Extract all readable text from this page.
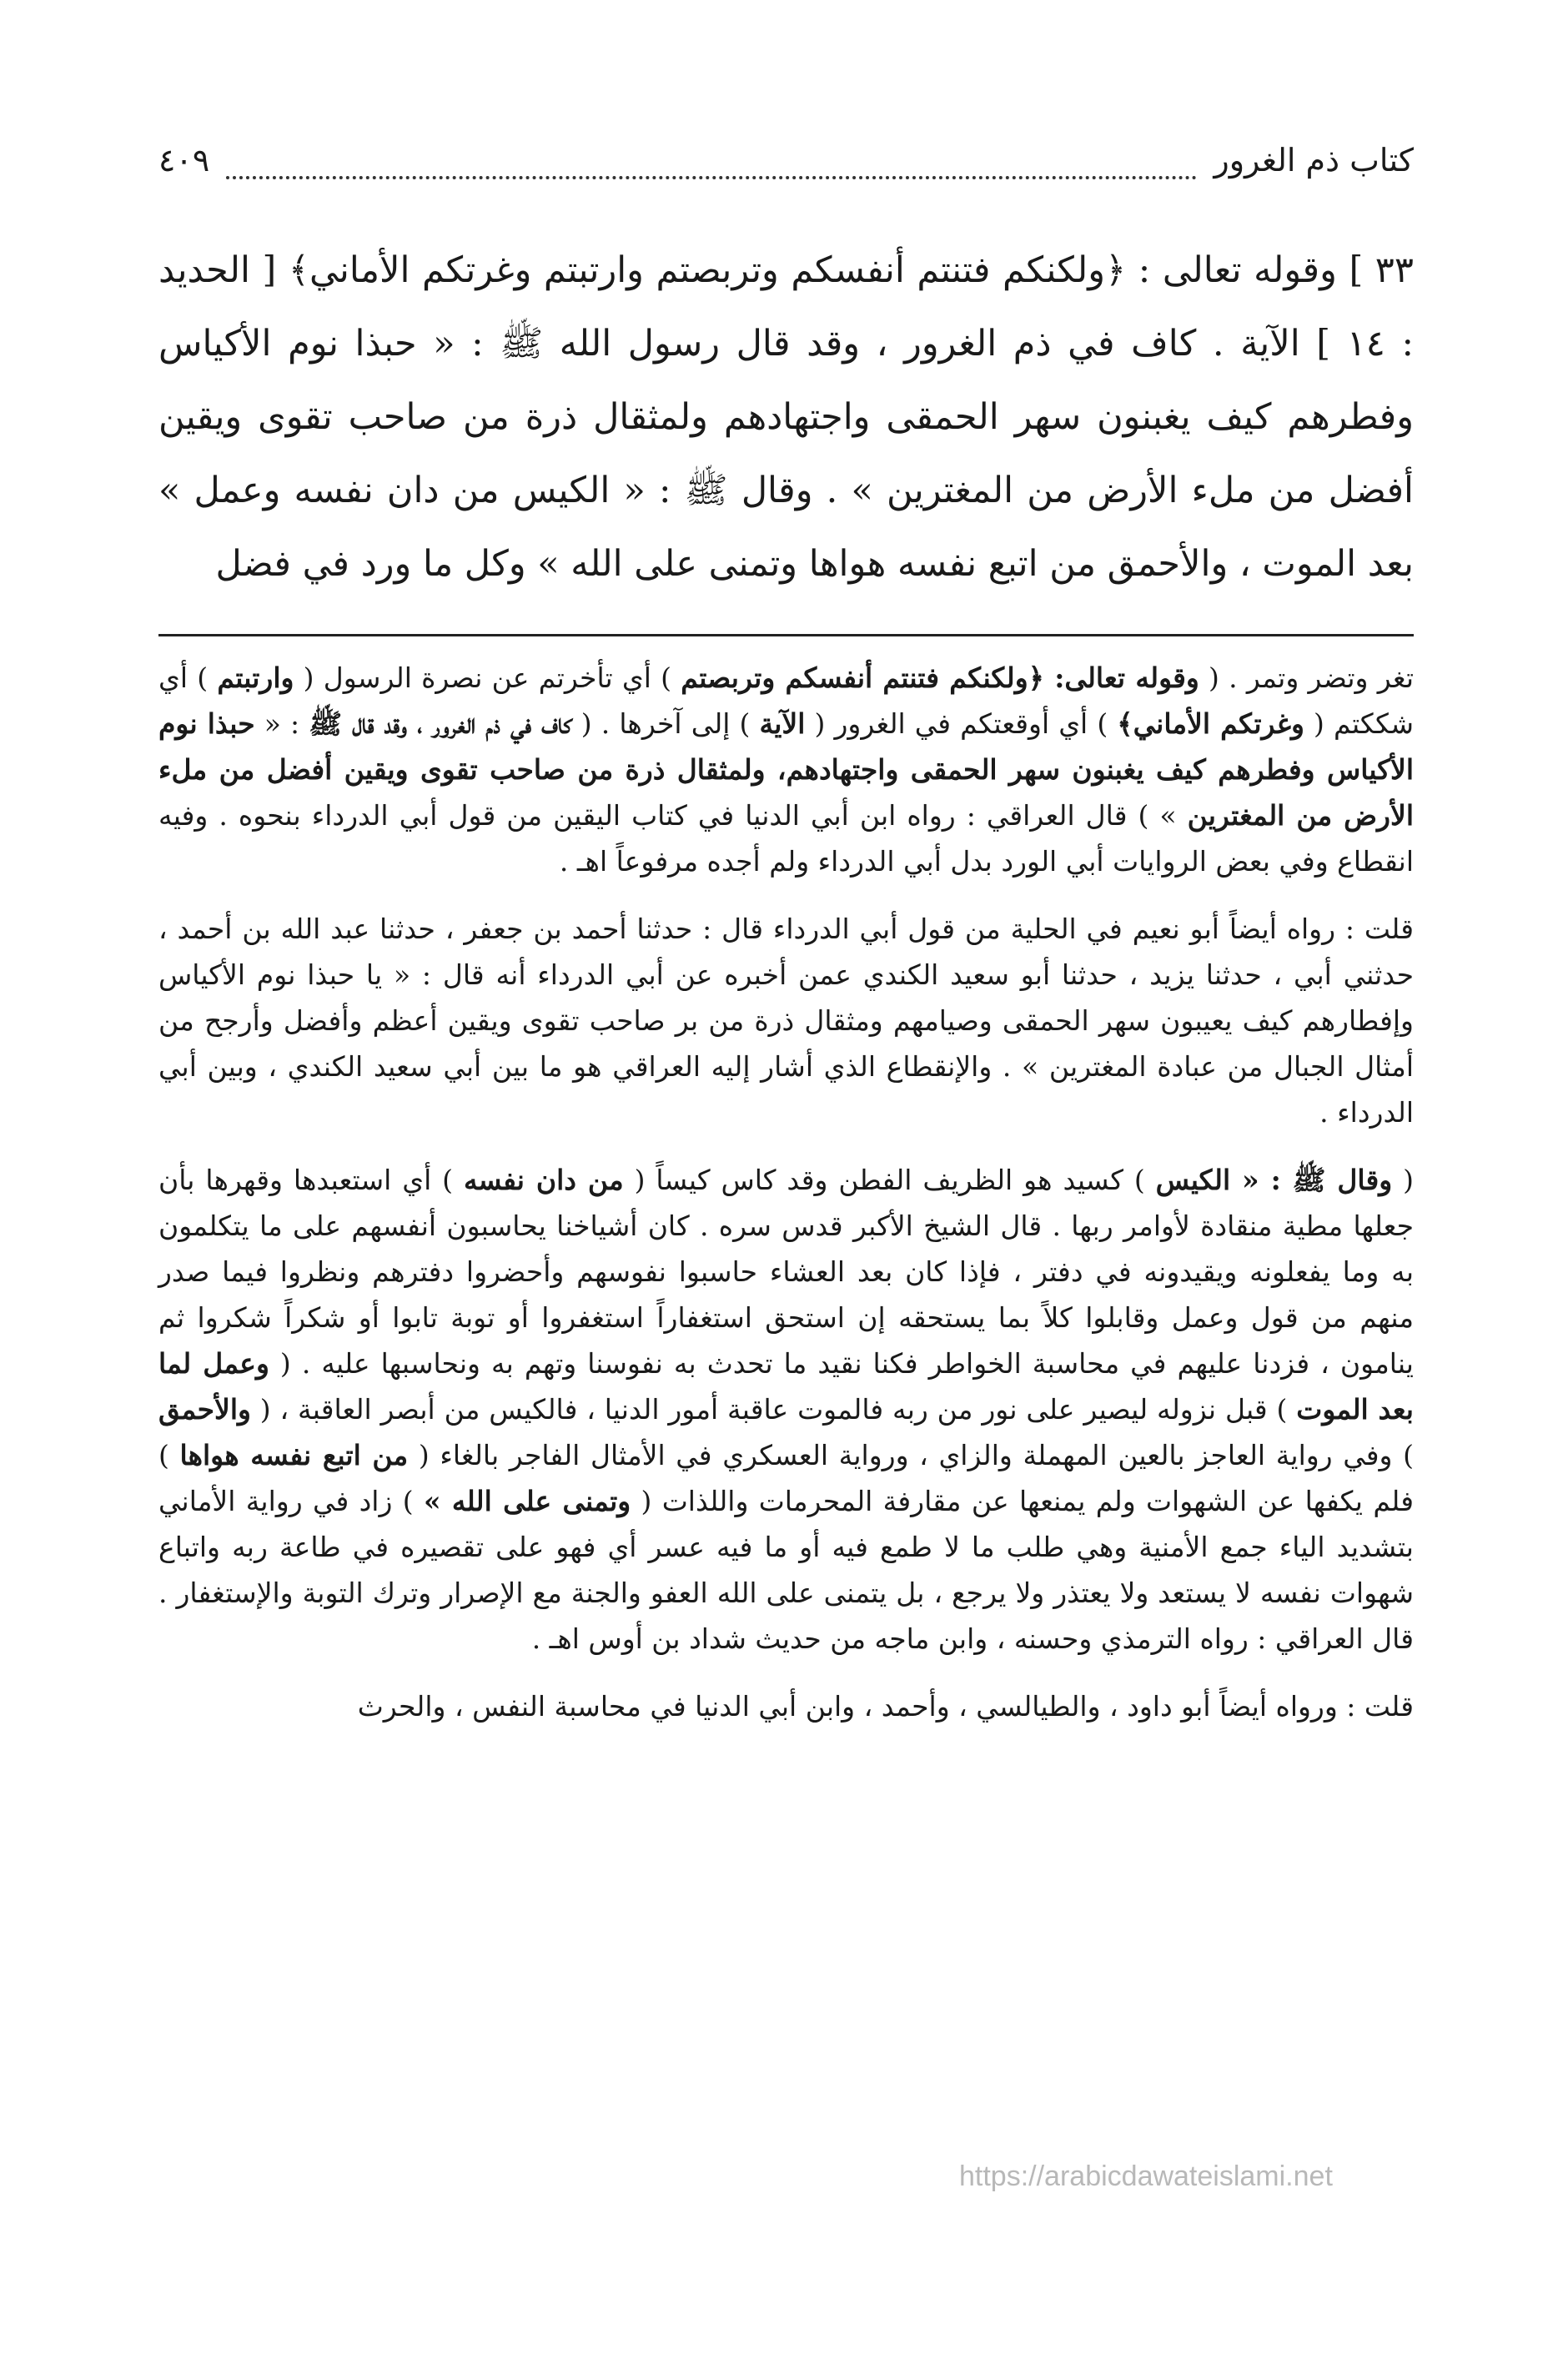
كتاب ذم الغرور
٤٠٩

٣٣ ] وقوله تعالى : ﴿ولكنكم فتنتم أنفسكم وتربصتم وارتبتم وغرتكم الأماني﴾ [ الحديد : ١٤ ] الآية . كاف في ذم الغرور ، وقد قال رسول الله ﷺ : « حبذا نوم الأكياس وفطرهم كيف يغبنون سهر الحمقى واجتهادهم ولمثقال ذرة من صاحب تقوى ويقين أفضل من ملء الأرض من المغترين » . وقال ﷺ : « الكيس من دان نفسه وعمل » بعد الموت ، والأحمق من اتبع نفسه هواها وتمنى على الله » وكل ما ورد في فضل

تغر وتضر وتمر . ( وقوله تعالى: ﴿ولكنكم فتنتم أنفسكم وتربصتم ) أي تأخرتم عن نصرة الرسول ( وارتبتم ) أي شككتم ( وغرتكم الأماني﴾ ) أي أوقعتكم في الغرور ( الآية ) إلى آخرها . ( كاف في ذم الغرور ، وقد قال ﷺ : « حبذا نوم الأكياس وفطرهم كيف يغبنون سهر الحمقى واجتهادهم، ولمثقال ذرة من صاحب تقوى ويقين أفضل من ملء الأرض من المغترين » ) قال العراقي : رواه ابن أبي الدنيا في كتاب اليقين من قول أبي الدرداء بنحوه . وفيه انقطاع وفي بعض الروايات أبي الورد بدل أبي الدرداء ولم أجده مرفوعاً اهـ .

قلت : رواه أيضاً أبو نعيم في الحلية من قول أبي الدرداء قال : حدثنا أحمد بن جعفر ، حدثنا عبد الله بن أحمد ، حدثني أبي ، حدثنا يزيد ، حدثنا أبو سعيد الكندي عمن أخبره عن أبي الدرداء أنه قال : « يا حبذا نوم الأكياس وإفطارهم كيف يعيبون سهر الحمقى وصيامهم ومثقال ذرة من بر صاحب تقوى ويقين أعظم وأفضل وأرجح من أمثال الجبال من عبادة المغترين » . والإنقطاع الذي أشار إليه العراقي هو ما بين أبي سعيد الكندي ، وبين أبي الدرداء .

( وقال ﷺ : « الكيس ) كسيد هو الظريف الفطن وقد كاس كيساً ( من دان نفسه ) أي استعبدها وقهرها بأن جعلها مطية منقادة لأوامر ربها . قال الشيخ الأكبر قدس سره . كان أشياخنا يحاسبون أنفسهم على ما يتكلمون به وما يفعلونه ويقيدونه في دفتر ، فإذا كان بعد العشاء حاسبوا نفوسهم وأحضروا دفترهم ونظروا فيما صدر منهم من قول وعمل وقابلوا كلاً بما يستحقه إن استحق استغفاراً استغفروا أو توبة تابوا أو شكراً شكروا ثم ينامون ، فزدنا عليهم في محاسبة الخواطر فكنا نقيد ما تحدث به نفوسنا وتهم به ونحاسبها عليه . ( وعمل لما بعد الموت ) قبل نزوله ليصير على نور من ربه فالموت عاقبة أمور الدنيا ، فالكيس من أبصر العاقبة ، ( والأحمق ) وفي رواية العاجز بالعين المهملة والزاي ، ورواية العسكري في الأمثال الفاجر بالغاء ( من اتبع نفسه هواها ) فلم يكفها عن الشهوات ولم يمنعها عن مقارفة المحرمات واللذات ( وتمنى على الله » ) زاد في رواية الأماني بتشديد الياء جمع الأمنية وهي طلب ما لا طمع فيه أو ما فيه عسر أي فهو على تقصيره في طاعة ربه واتباع شهوات نفسه لا يستعد ولا يعتذر ولا يرجع ، بل يتمنى على الله العفو والجنة مع الإصرار وترك التوبة والإستغفار . قال العراقي : رواه الترمذي وحسنه ، وابن ماجه من حديث شداد بن أوس اهـ .

قلت : ورواه أيضاً أبو داود ، والطيالسي ، وأحمد ، وابن أبي الدنيا في محاسبة النفس ، والحرث

https://arabicdawateislami.net
